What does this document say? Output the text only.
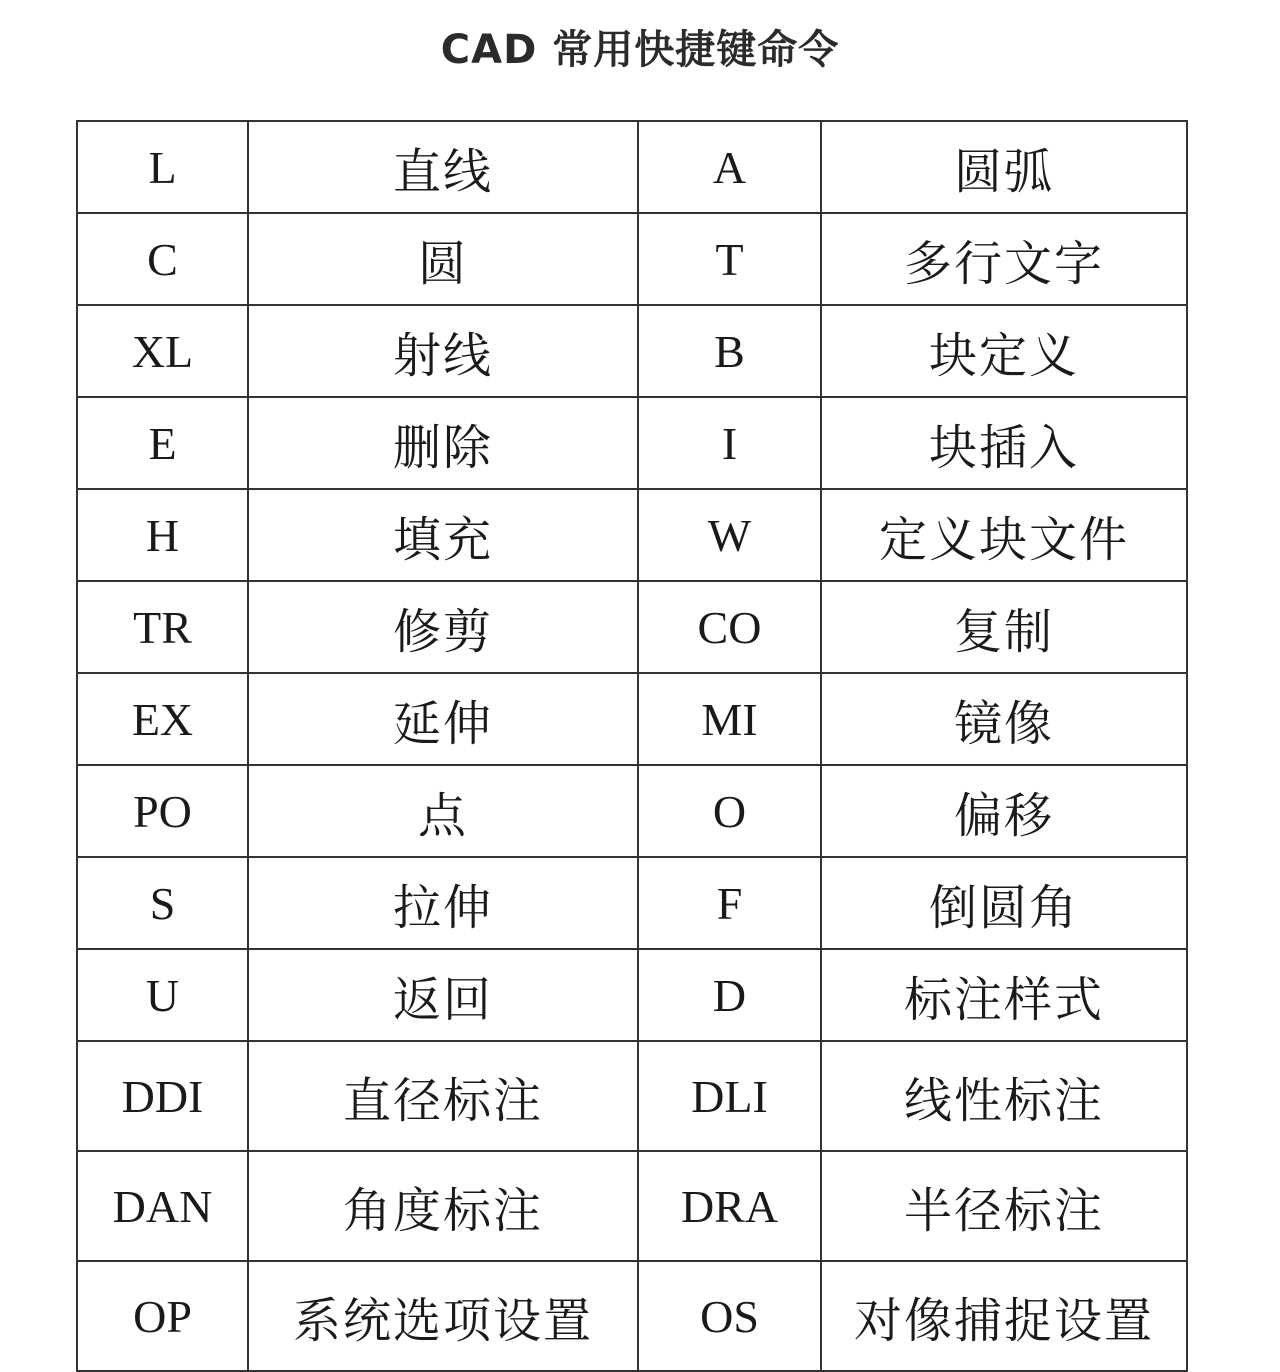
CAD 常用快捷键命令
L	直线	A	圆弧
C	圆	T	多行文字
XL	射线	B	块定义
E	删除	I	块插入
H	填充	W	定义块文件
TR	修剪	CO	复制
EX	延伸	MI	镜像
PO	点	O	偏移
S	拉伸	F	倒圆角
U	返回	D	标注样式
DDI	直径标注	DLI	线性标注
DAN	角度标注	DRA	半径标注
OP	系统选项设置	OS	对像捕捉设置
